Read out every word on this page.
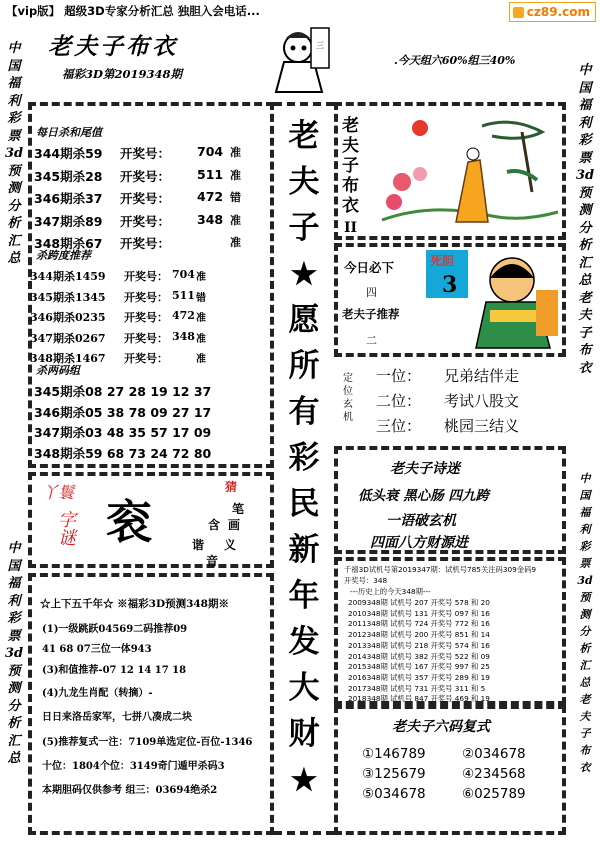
【vip版】 超级3D专家分析汇总 独胆入会电话...	cz89.com
老夫子布衣
福彩3D第2019348期
.今天组六60%组三40%
三
中国福利彩票3d预测分析汇总
中国福利彩票3d预测分析汇总
中国福利彩票3d预测分析汇总老夫子布衣
中国福利彩票3d预测分析汇总老夫子布衣
每日杀和尾值
杀跨度推荐
杀两码组
丫鬟
字谜 衮
猜
笔
画
含
谐 义
音
☆上下五千年☆ ※福彩3D预测348期※
老夫子布衣
II
今日必下
四
老夫子推荐
二
死胆
3
定位玄机
老夫子诗迷
低头衰 黑心肠 四九跨
一语破玄机
四面八方财源进
千禧3D试机号第2019347期：试机号785关注码309金码9
开奖号：348
---历史上的今天348期---
老夫子六码复式
344期杀59 开奖号： 704 准
345期杀28 开奖号： 511 准
346期杀37 开奖号： 472 错
347期杀89 开奖号： 348 准
348期杀67 开奖号：	准
344期杀1459 开奖号： 704 准
345期杀1345 开奖号： 511 错
346期杀0235 开奖号： 472 准
347期杀0267 开奖号： 348 准
348期杀1467 开奖号：	准
345期杀08 27 28 19 12 37
346期杀05 38 78 09 27 17
347期杀03 48 35 57 17 09
348期杀59 68 73 24 72 80
(1)一级跳跃04569二码推荐09
41 68 07三位一体943
(3)和值推荐-07 12 14 17 18
(4)九龙生肖配（转摘）-
日日来洛岳家军，七拼八凑成二块
(5)推荐复式一注：7109单选定位-百位-1346
十位：1804个位：3149奇门遁甲杀码3
本期胆码仅供参考 组三：03694绝杀2
老
夫
子
★
愿
所
有
彩
民
新
年
发
大
财
★
一位： 兄弟结伴走
二位： 考试八股文
三位： 桃园三结义
2009348期 试机号 207 开奖号 578 和 20
2010348期 试机号 131 开奖号 097 和 16
2011348期 试机号 724 开奖号 772 和 16
2012348期 试机号 200 开奖号 851 和 14
2013348期 试机号 218 开奖号 574 和 16
2014348期 试机号 382 开奖号 522 和 09
2015348期 试机号 167 开奖号 997 和 25
2016348期 试机号 357 开奖号 289 和 19
2017348期 试机号 731 开奖号 311 和 5
2018348期 试机号 847 开奖号 469 和 19
①146789	②034678
③125679	④234568
⑤034678	⑥025789
